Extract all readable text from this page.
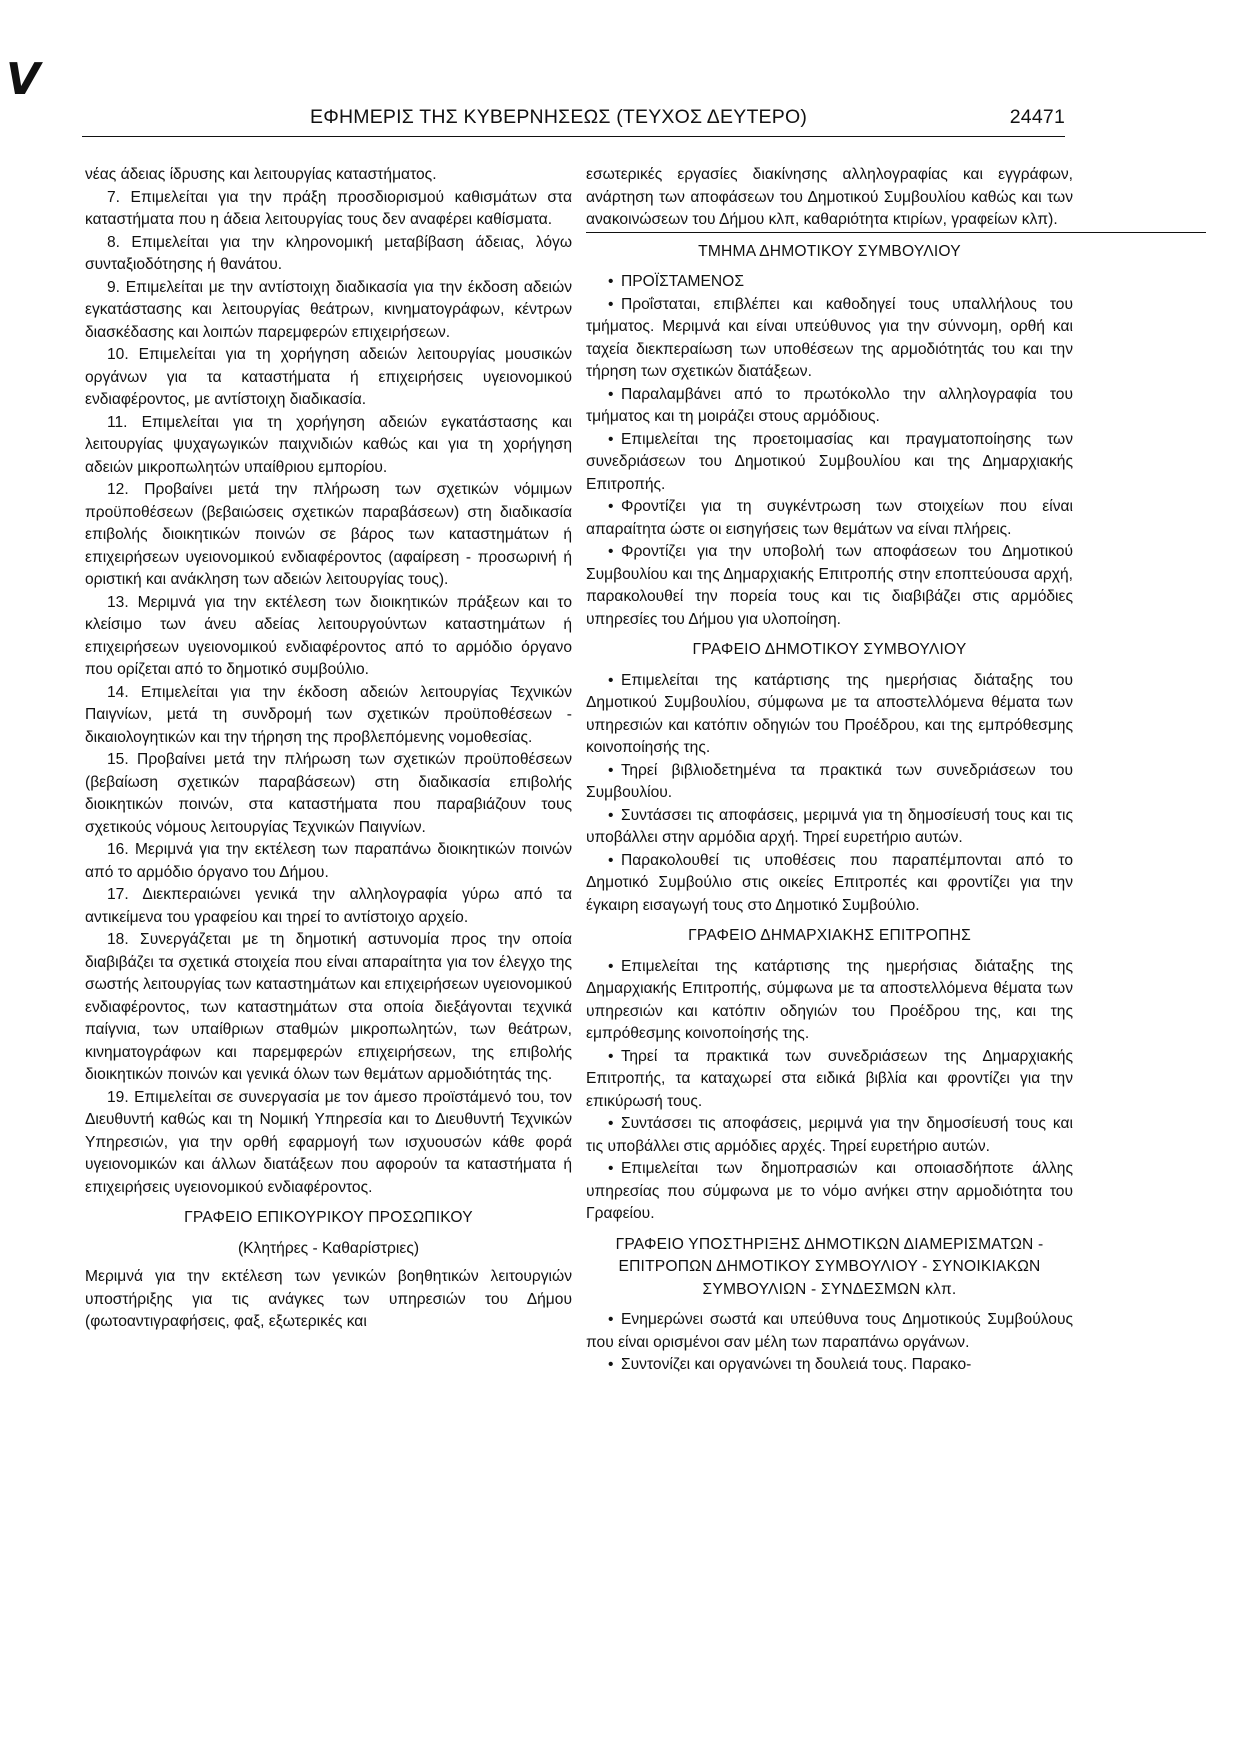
V
ΕΦΗΜΕΡΙΣ ΤΗΣ ΚΥΒΕΡΝΗΣΕΩΣ (ΤΕΥΧΟΣ ΔΕΥΤΕΡΟ)	24471

νέας άδειας ίδρυσης και λειτουργίας καταστήματος.

7. Επιμελείται για την πράξη προσδιορισμού καθισμάτων στα καταστήματα που η άδεια λειτουργίας τους δεν αναφέρει καθίσματα.

8. Επιμελείται για την κληρονομική μεταβίβαση άδειας, λόγω συνταξιοδότησης ή θανάτου.

9. Επιμελείται με την αντίστοιχη διαδικασία για την έκδοση αδειών εγκατάστασης και λειτουργίας θεάτρων, κινηματογράφων, κέντρων διασκέδασης και λοιπών παρεμφερών επιχειρήσεων.

10. Επιμελείται για τη χορήγηση αδειών λειτουργίας μουσικών οργάνων για τα καταστήματα ή επιχειρήσεις υγειονομικού ενδιαφέροντος, με αντίστοιχη διαδικασία.

11. Επιμελείται για τη χορήγηση αδειών εγκατάστασης και λειτουργίας ψυχαγωγικών παιχνιδιών καθώς και για τη χορήγηση αδειών μικροπωλητών υπαίθριου εμπορίου.

12. Προβαίνει μετά την πλήρωση των σχετικών νόμιμων προϋποθέσεων (βεβαιώσεις σχετικών παραβάσεων) στη διαδικασία επιβολής διοικητικών ποινών σε βάρος των καταστημάτων ή επιχειρήσεων υγειονομικού ενδιαφέροντος (αφαίρεση - προσωρινή ή οριστική και ανάκληση των αδειών λειτουργίας τους).

13. Μεριμνά για την εκτέλεση των διοικητικών πράξεων και το κλείσιμο των άνευ αδείας λειτουργούντων καταστημάτων ή επιχειρήσεων υγειονομικού ενδιαφέροντος από το αρμόδιο όργανο που ορίζεται από το δημοτικό συμβούλιο.

14. Επιμελείται για την έκδοση αδειών λειτουργίας Τεχνικών Παιγνίων, μετά τη συνδρομή των σχετικών προϋποθέσεων - δικαιολογητικών και την τήρηση της προβλεπόμενης νομοθεσίας.

15. Προβαίνει μετά την πλήρωση των σχετικών προϋποθέσεων (βεβαίωση σχετικών παραβάσεων) στη διαδικασία επιβολής διοικητικών ποινών, στα καταστήματα που παραβιάζουν τους σχετικούς νόμους λειτουργίας Τεχνικών Παιγνίων.

16. Μεριμνά για την εκτέλεση των παραπάνω διοικητικών ποινών από το αρμόδιο όργανο του Δήμου.

17. Διεκπεραιώνει γενικά την αλληλογραφία γύρω από τα αντικείμενα του γραφείου και τηρεί το αντίστοιχο αρχείο.

18. Συνεργάζεται με τη δημοτική αστυνομία προς την οποία διαβιβάζει τα σχετικά στοιχεία που είναι απαραίτητα για τον έλεγχο της σωστής λειτουργίας των καταστημάτων και επιχειρήσεων υγειονομικού ενδιαφέροντος, των καταστημάτων στα οποία διεξάγονται τεχνικά παίγνια, των υπαίθριων σταθμών μικροπωλητών, των θεάτρων, κινηματογράφων και παρεμφερών επιχειρήσεων, της επιβολής διοικητικών ποινών και γενικά όλων των θεμάτων αρμοδιότητάς της.

19. Επιμελείται σε συνεργασία με τον άμεσο προϊστάμενό του, τον Διευθυντή καθώς και τη Νομική Υπηρεσία και το Διευθυντή Τεχνικών Υπηρεσιών, για την ορθή εφαρμογή των ισχυουσών κάθε φορά υγειονομικών και άλλων διατάξεων που αφορούν τα καταστήματα ή επιχειρήσεις υγειονομικού ενδιαφέροντος.

ΓΡΑΦΕΙΟ ΕΠΙΚΟΥΡΙΚΟΥ ΠΡΟΣΩΠΙΚΟΥ
(Κλητήρες - Καθαρίστριες)

Μεριμνά για την εκτέλεση των γενικών βοηθητικών λειτουργιών υποστήριξης για τις ανάγκες των υπηρεσιών του Δήμου (φωτοαντιγραφήσεις, φαξ, εξωτερικές και

εσωτερικές εργασίες διακίνησης αλληλογραφίας και εγγράφων, ανάρτηση των αποφάσεων του Δημοτικού Συμβουλίου καθώς και των ανακοινώσεων του Δήμου κλπ, καθαριότητα κτιρίων, γραφείων κλπ).

ΤΜΗΜΑ ΔΗΜΟΤΙΚΟΥ ΣΥΜΒΟΥΛΙΟΥ

• ΠΡΟΪΣΤΑΜΕΝΟΣ

• Προΐσταται, επιβλέπει και καθοδηγεί τους υπαλλήλους του τμήματος. Μεριμνά και είναι υπεύθυνος για την σύννομη, ορθή και ταχεία διεκπεραίωση των υποθέσεων της αρμοδιότητάς του και την τήρηση των σχετικών διατάξεων.

• Παραλαμβάνει από το πρωτόκολλο την αλληλογραφία του τμήματος και τη μοιράζει στους αρμόδιους.

• Επιμελείται της προετοιμασίας και πραγματοποίησης των συνεδριάσεων του Δημοτικού Συμβουλίου και της Δημαρχιακής Επιτροπής.

• Φροντίζει για τη συγκέντρωση των στοιχείων που είναι απαραίτητα ώστε οι εισηγήσεις των θεμάτων να είναι πλήρεις.

• Φροντίζει για την υποβολή των αποφάσεων του Δημοτικού Συμβουλίου και της Δημαρχιακής Επιτροπής στην εποπτεύουσα αρχή, παρακολουθεί την πορεία τους και τις διαβιβάζει στις αρμόδιες υπηρεσίες του Δήμου για υλοποίηση.

ΓΡΑΦΕΙΟ ΔΗΜΟΤΙΚΟΥ ΣΥΜΒΟΥΛΙΟΥ

• Επιμελείται της κατάρτισης της ημερήσιας διάταξης του Δημοτικού Συμβουλίου, σύμφωνα με τα αποστελλόμενα θέματα των υπηρεσιών και κατόπιν οδηγιών του Προέδρου, και της εμπρόθεσμης κοινοποίησής της.

• Τηρεί βιβλιοδετημένα τα πρακτικά των συνεδριάσεων του Συμβουλίου.

• Συντάσσει τις αποφάσεις, μεριμνά για τη δημοσίευσή τους και τις υποβάλλει στην αρμόδια αρχή. Τηρεί ευρετήριο αυτών.

• Παρακολουθεί τις υποθέσεις που παραπέμπονται από το Δημοτικό Συμβούλιο στις οικείες Επιτροπές και φροντίζει για την έγκαιρη εισαγωγή τους στο Δημοτικό Συμβούλιο.

ΓΡΑΦΕΙΟ ΔΗΜΑΡΧΙΑΚΗΣ ΕΠΙΤΡΟΠΗΣ

• Επιμελείται της κατάρτισης της ημερήσιας διάταξης της Δημαρχιακής Επιτροπής, σύμφωνα με τα αποστελλόμενα θέματα των υπηρεσιών και κατόπιν οδηγιών του Προέδρου της, και της εμπρόθεσμης κοινοποίησής της.

• Τηρεί τα πρακτικά των συνεδριάσεων της Δημαρχιακής Επιτροπής, τα καταχωρεί στα ειδικά βιβλία και φροντίζει για την επικύρωσή τους.

• Συντάσσει τις αποφάσεις, μεριμνά για την δημοσίευσή τους και τις υποβάλλει στις αρμόδιες αρχές. Τηρεί ευρετήριο αυτών.

• Επιμελείται των δημοπρασιών και οποιασδήποτε άλλης υπηρεσίας που σύμφωνα με το νόμο ανήκει στην αρμοδιότητα του Γραφείου.

ΓΡΑΦΕΙΟ ΥΠΟΣΤΗΡΙΞΗΣ ΔΗΜΟΤΙΚΩΝ ΔΙΑΜΕΡΙΣΜΑΤΩΝ - ΕΠΙΤΡΟΠΩΝ ΔΗΜΟΤΙΚΟΥ ΣΥΜΒΟΥΛΙΟΥ - ΣΥΝΟΙΚΙΑΚΩΝ ΣΥΜΒΟΥΛΙΩΝ - ΣΥΝΔΕΣΜΩΝ κλπ.

• Ενημερώνει σωστά και υπεύθυνα τους Δημοτικούς Συμβούλους που είναι ορισμένοι σαν μέλη των παραπάνω οργάνων.

• Συντονίζει και οργανώνει τη δουλειά τους. Παρακο-
